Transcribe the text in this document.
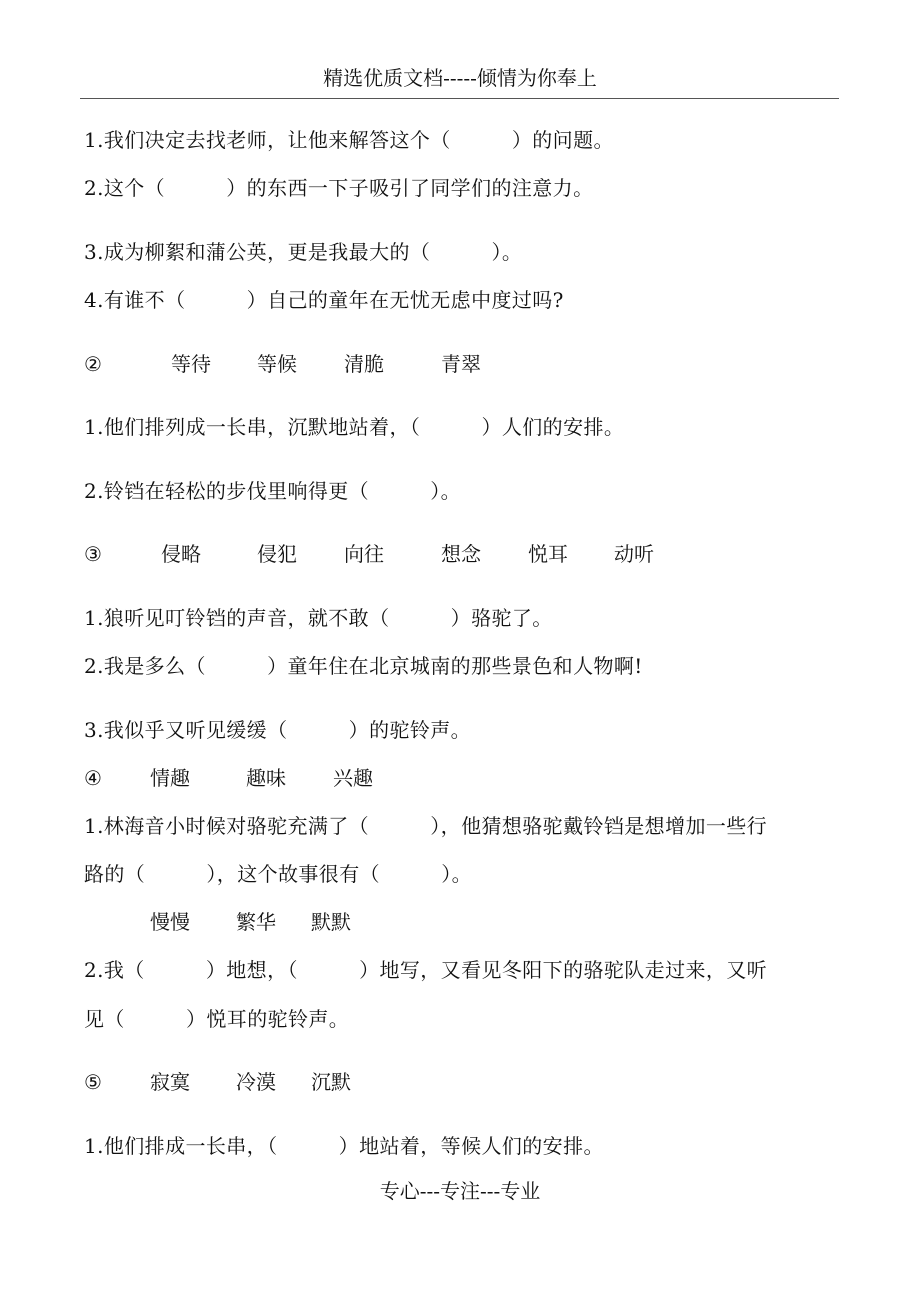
精选优质文档-----倾情为你奉上
1.我们决定去找老师，让他来解答这个（　　　）的问题。
2.这个（　　　）的东西一下子吸引了同学们的注意力。
3.成为柳絮和蒲公英，更是我最大的（　　　）。
4.有谁不（　　　）自己的童年在无忧无虑中度过吗?
②	等待 等候 清脆	青翠
1.他们排列成一长串，沉默地站着，（　　　）人们的安排。
2.铃铛在轻松的步伐里响得更（　　　）。
③	侵略	侵犯 向往	想念 悦耳 动听
1.狼听见叮铃铛的声音，就不敢（　　　）骆驼了。
2.我是多么（　　　）童年住在北京城南的那些景色和人物啊!
3.我似乎又听见缓缓（　　　）的驼铃声。
④ 情趣	趣味 兴趣
1.林海音小时候对骆驼充满了（　　　），他猜想骆驼戴铃铛是想增加一些行
路的（　　　），这个故事很有（　　　）。
慢慢 繁华 默默
2.我（　　　）地想，（　　　）地写，又看见冬阳下的骆驼队走过来，又听
见（　　　）悦耳的驼铃声。
⑤ 寂寞 冷漠 沉默
1.他们排成一长串，（　　　）地站着，等候人们的安排。
专心---专注---专业
